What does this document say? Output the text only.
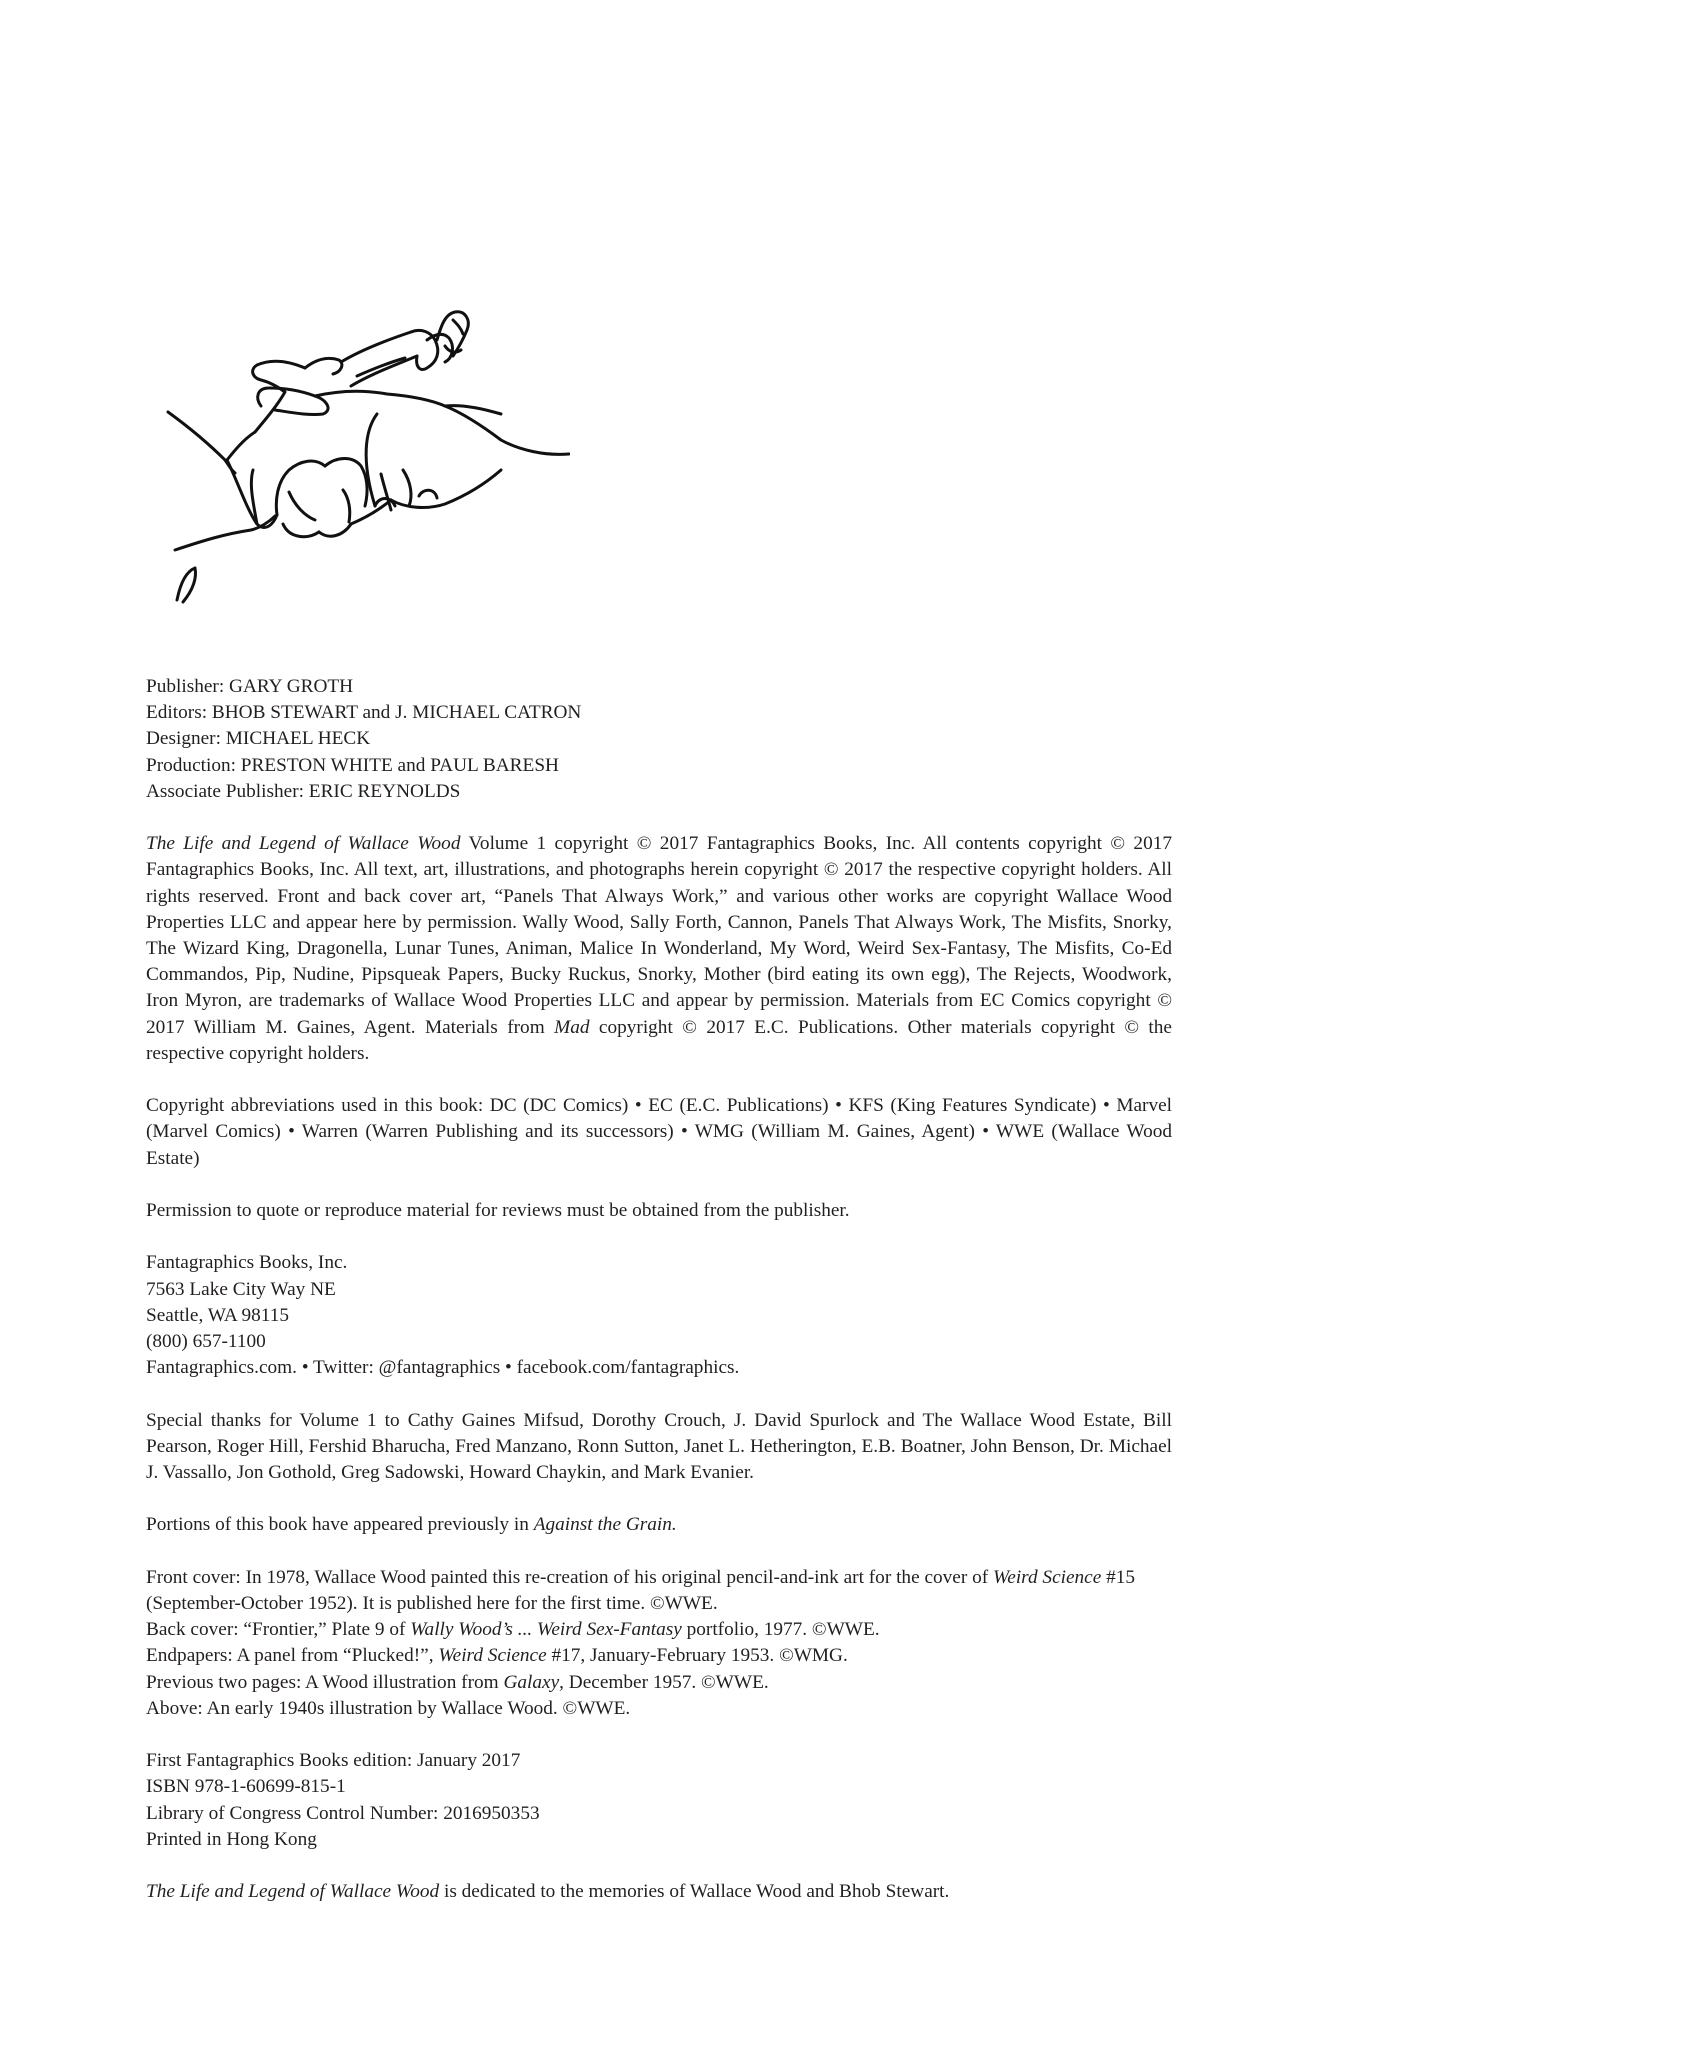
Publisher: GARY GROTH
Editors: BHOB STEWART and J. MICHAEL CATRON
Designer: MICHAEL HECK
Production: PRESTON WHITE and PAUL BARESH
Associate Publisher: ERIC REYNOLDS

The Life and Legend of Wallace Wood Volume 1 copyright © 2017 Fantagraphics Books, Inc. All contents copyright © 2017 Fantagraphics Books, Inc. All text, art, illustrations, and photographs herein copyright © 2017 the respective copyright holders. All rights reserved. Front and back cover art, “Panels That Always Work,” and various other works are copyright Wallace Wood Properties LLC and appear here by permission. Wally Wood, Sally Forth, Cannon, Panels That Always Work, The Misfits, Snorky, The Wizard King, Dragonella, Lunar Tunes, Animan, Malice In Wonderland, My Word, Weird Sex-Fantasy, The Misfits, Co-Ed Commandos, Pip, Nudine, Pipsqueak Papers, Bucky Ruckus, Snorky, Mother (bird eating its own egg), The Rejects, Woodwork, Iron Myron, are trademarks of Wallace Wood Properties LLC and appear by permission. Materials from EC Comics copyright © 2017 William M. Gaines, Agent. Materials from Mad copyright © 2017 E.C. Publications. Other materials copyright © the respective copyright holders.

Copyright abbreviations used in this book: DC (DC Comics) • EC (E.C. Publications) • KFS (King Features Syndicate) • Marvel (Marvel Comics) • Warren (Warren Publishing and its successors) • WMG (William M. Gaines, Agent) • WWE (Wallace Wood Estate)

Permission to quote or reproduce material for reviews must be obtained from the publisher.
Fantagraphics Books, Inc.
7563 Lake City Way NE
Seattle, WA 98115
(800) 657-1100
Fantagraphics.com. • Twitter: @fantagraphics • facebook.com/fantagraphics.

Special thanks for Volume 1 to Cathy Gaines Mifsud, Dorothy Crouch, J. David Spurlock and The Wallace Wood Estate, Bill Pearson, Roger Hill, Fershid Bharucha, Fred Manzano, Ronn Sutton, Janet L. Hetherington, E.B. Boatner, John Benson, Dr. Michael J. Vassallo, Jon Gothold, Greg Sadowski, Howard Chaykin, and Mark Evanier.

Portions of this book have appeared previously in Against the Grain.
Front cover: In 1978, Wallace Wood painted this re-creation of his original pencil-and-ink art for the cover of Weird Science #15
(September-October 1952). It is published here for the first time. ©WWE.
Back cover: “Frontier,” Plate 9 of Wally Wood’s ... Weird Sex-Fantasy portfolio, 1977. ©WWE.
Endpapers: A panel from “Plucked!”, Weird Science #17, January-February 1953. ©WMG.
Previous two pages: A Wood illustration from Galaxy, December 1957. ©WWE.
Above: An early 1940s illustration by Wallace Wood. ©WWE.
First Fantagraphics Books edition: January 2017
ISBN 978-1-60699-815-1
Library of Congress Control Number: 2016950353
Printed in Hong Kong
The Life and Legend of Wallace Wood is dedicated to the memories of Wallace Wood and Bhob Stewart.
